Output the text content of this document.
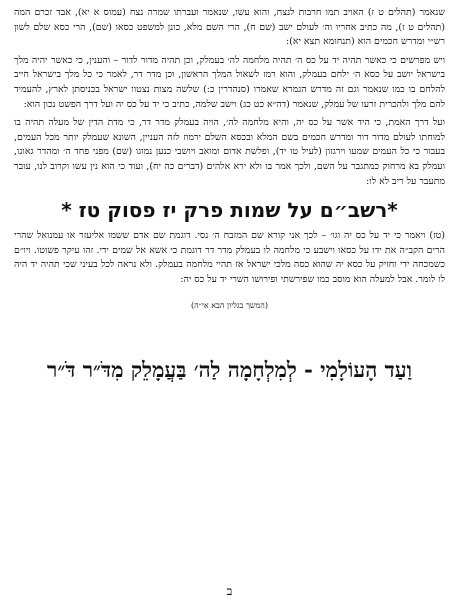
שנאמר (תהלים ט ז) האויב תמו חרבות לנצח, והוא עשו, שנאמר ועברתו שמרה נצח (עמוס א יא), אבד זכרם המה (תהלים ט ז), מה כתיב אחריו וה׳ לעולם ישב (שם ח), הרי השם מלא, כונן למשפט כסאו (שם), הרי כסא שלם לשון רש״י ומדרש חכמים הוא (תנחומא תצא יא):

ויש מפרשים כי כאשר תהיה יד על כס ה׳ תהיה מלחמה לה׳ בעמלק, וכן תהיה מדור לדור – והענין, כי כאשר יהיה מלך בישראל יושב על כסא ה׳ ילחם בעמלק, והוא רמז לשאול המלך הראשון, וכן מדר דר, לאמר כי כל מלך בישראל חייב להלחם בו כמו שנאמר וגם זה מדרש הגמרא שאמרו (סנהדרין כ:) שלשה מצות נצטוו ישראל בכניסתן לארץ, להעמיד להם מלך ולהכרית זרעו של עמלק, שנאמר (דה״א כט כג) וישב שלמה, כתיב כי יד על כס יה ועל דרך הפשט נכון הוא:

ועל דרך האמת, כי היד אשר על כס יה, והיא מלחמה לה׳, הויה בעמלק מדר דר, כי מדת הדין של מעלה תהיה בו למוחתו לעולם מדור דור ומדרש חכמים בשם המלא ובכסא השלם ירמוז לזה העניין, השונא שעמלק יותר מכל העמים, בעבור כי כל העמים שמעו וירגזון (לעיל טו יד), ופלשת אדום ומואב ויושבי כנען נמוגו (שם) מפני פחד ה׳ ומהדר גאונו, ועמלק בא מרחוק כמתגבר על השם, ולכך אמר בו ולא ירא אלהים (דברים כה יח), ועוד כי הוא נין עשו וקרוב לנו, עובר מתעבר על ריב לא לו:

*רשב״ם על שמות פרק יז פסוק טז *

(טז) ויאמר כי יד על כס יה וגו׳ – לכך אני קורא שם המזבח ה׳ נסי. דוגמת שם אדם ששמו אליעזר או עמנואל שהרי הרים הקב״ה את ידו על כסאו וישבע כי מלחמה לו בעמלק מדר דר דוגמת כי אשא אל שמים ידי. זהו עיקר פשוטו. ויו״ם כשמכחה ידי וחזיק על כסא יה שהוא כסה מלכי ישראל אז תהיי מלחמה בעמלק. ולא נראה לכל בעיני שכי תהיה יד היה לו לומר. אבל למעלה הוא מוסב כמו שפירשתי ופירושו השרי יד על כס יה:

(המשך בגליון הבא אי״ה)
וַעַד הָעוֹלָמִי - לְמִלְחָמָה לַה׳ בַּעֲמָלֵק מִדֹּ״ר דֹּ״ר
ב
